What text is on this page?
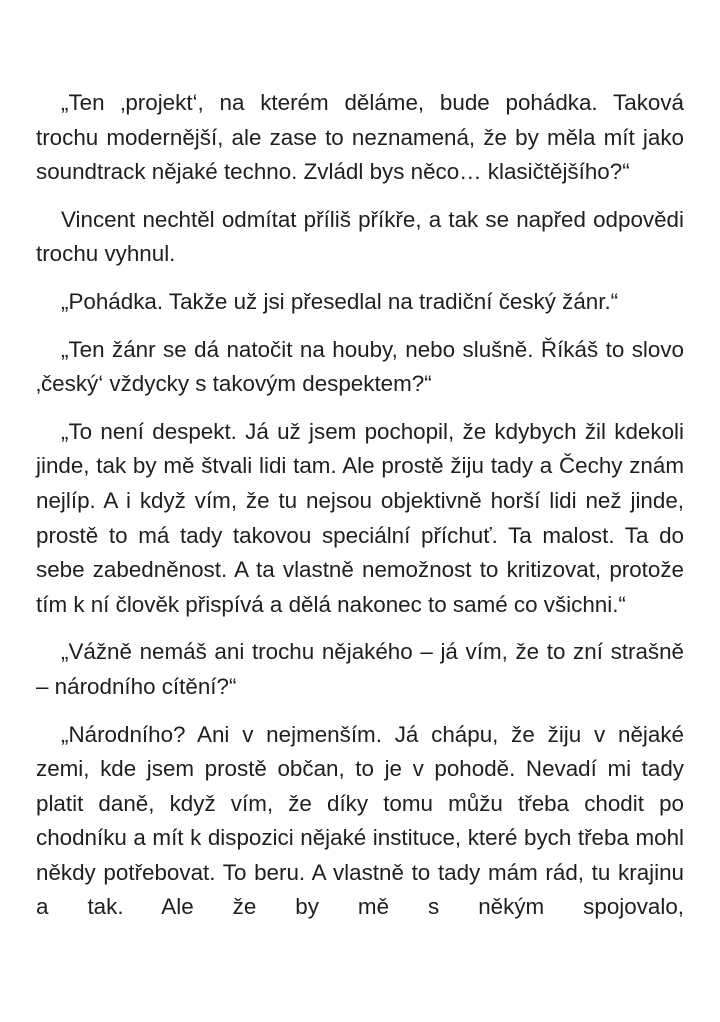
„Ten ‚projekt‘, na kterém děláme, bude pohádka. Taková trochu modernější, ale zase to neznamená, že by měla mít jako soundtrack nějaké techno. Zvládl bys něco… klasičtějšího?“

Vincent nechtěl odmítat příliš příkře, a tak se napřed odpovědi trochu vyhnul.

„Pohádka. Takže už jsi přesedlal na tradiční český žánr.“

„Ten žánr se dá natočit na houby, nebo slušně. Říkáš to slovo ‚český‘ vždycky s takovým despektem?“

„To není despekt. Já už jsem pochopil, že kdybych žil kdekoli jinde, tak by mě štvali lidi tam. Ale prostě žiju tady a Čechy znám nejlíp. A i když vím, že tu nejsou objektivně horší lidi než jinde, prostě to má tady takovou speciální příchuť. Ta malost. Ta do sebe zabedněnost. A ta vlastně nemožnost to kritizovat, protože tím k ní člověk přispívá a dělá nakonec to samé co všichni.“

„Vážně nemáš ani trochu nějakého – já vím, že to zní strašně – národního cítění?“

„Národního? Ani v nejmenším. Já chápu, že žiju v nějaké zemi, kde jsem prostě občan, to je v pohodě. Nevadí mi tady platit daně, když vím, že díky tomu můžu třeba chodit po chodníku a mít k dispozici nějaké instituce, které bych třeba mohl někdy potřebovat. To beru. A vlastně to tady mám rád, tu krajinu a tak. Ale že by mě s někým spojovalo,
